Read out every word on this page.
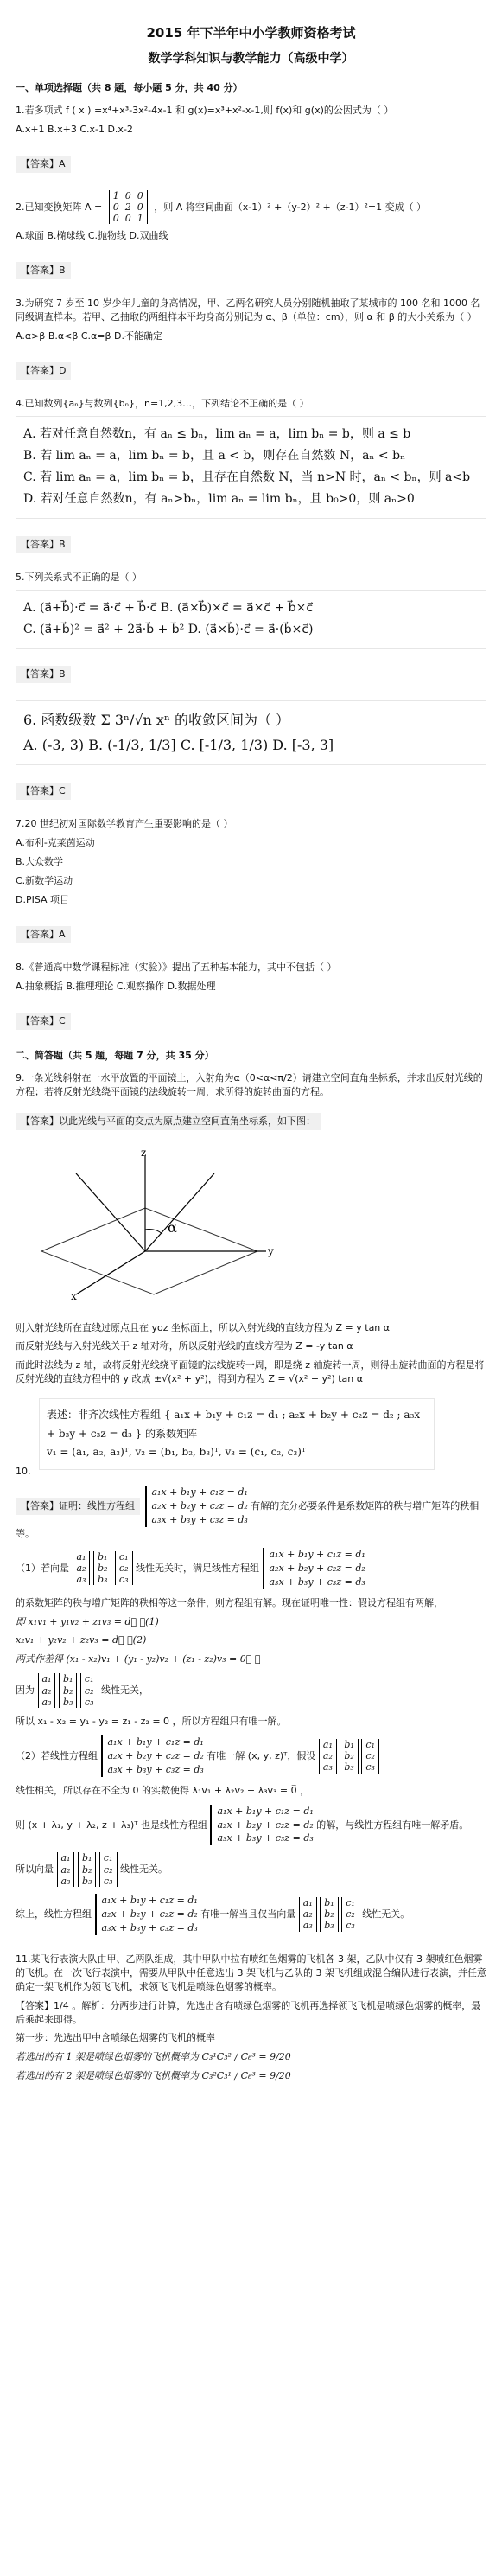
2015 年下半年中小学教师资格考试
数学学科知识与教学能力（高级中学）
一、单项选择题（共 8 题，每小题 5 分，共 40 分）
1.若多项式 f ( x ) =x⁴+x³-3x²-4x-1 和 g(x)=x³+x²-x-1,则 f(x)和 g(x)的公因式为（ ）
A.x+1 B.x+3 C.x-1 D.x-2
【答案】A
2.已知变换矩阵 A =
1 0 0
0 2 0
0 0 1
，则 A 将空间曲面（x-1）² +（y-2）² +（z-1）²=1 变成（ ）
A.球面 B.椭球线 C.抛物线 D.双曲线
【答案】B
3.为研究 7 岁至 10 岁少年儿童的身高情况，甲、乙两名研究人员分别随机抽取了某城市的 100 名和 1000 名同级调查样本。若甲、乙抽取的两组样本平均身高分别记为 α、β（单位：cm），则 α 和 β 的大小关系为（ ）
A.α>β B.α<β C.α=β D.不能确定
【答案】D
4.已知数列{aₙ}与数列{bₙ}，n=1,2,3…，下列结论不正确的是（ ）
A. 若对任意自然数n，有 aₙ ≤ bₙ，lim aₙ = a，lim bₙ = b，则 a ≤ b
B. 若 lim aₙ = a，lim bₙ = b，且 a < b，则存在自然数 N，aₙ < bₙ
C. 若 lim aₙ = a，lim bₙ = b，且存在自然数 N，当 n>N 时，aₙ < bₙ，则 a<b
D. 若对任意自然数n，有 aₙ>bₙ，lim aₙ = lim bₙ，且 b₀>0，则 aₙ>0
【答案】B
5.下列关系式不正确的是（ ）
A. (a⃗+b⃗)·c⃗ = a⃗·c⃗ + b⃗·c⃗ B. (a⃗×b⃗)×c⃗ = a⃗×c⃗ + b⃗×c⃗
C. (a⃗+b⃗)² = a⃗² + 2a⃗·b⃗ + b⃗² D. (a⃗×b⃗)·c⃗ = a⃗·(b⃗×c⃗)
【答案】B
6. 函数级数 Σ 3ⁿ/√n xⁿ 的收敛区间为（ ）
A. (-3, 3) B. (-1/3, 1/3] C. [-1/3, 1/3) D. [-3, 3]
【答案】C
7.20 世纪初对国际数学教育产生重要影响的是（ ）
A.布利-克莱茵运动
B.大众数学
C.新数学运动
D.PISA 项目
【答案】A
8.《普通高中数学课程标准（实验）》提出了五种基本能力，其中不包括（ ）
A.抽象概括 B.推理理论 C.观察操作 D.数据处理
【答案】C
二、简答题（共 5 题，每题 7 分，共 35 分）
9.一条光线斜射在一水平放置的平面镜上，入射角为α（0<α<π/2）请建立空间直角坐标系，并求出反射光线的方程；若将反射光线绕平面镜的法线旋转一周，求所得的旋转曲面的方程。
【答案】以此光线与平面的交点为原点建立空间直角坐标系，如下图：
z
y
x
α
则入射光线所在直线过原点且在 yoz 坐标面上，所以入射光线的直线方程为 Z = y tan α
而反射光线与入射光线关于 z 轴对称，所以反射光线的直线方程为 Z = -y tan α
而此时法线为 z 轴，故将反射光线绕平面镜的法线旋转一周，即是绕 z 轴旋转一周，则得出旋转曲面的方程是将反射光线的直线方程中的 y 改成 ±√(x² + y²)，得到方程为 Z = √(x² + y²) tan α
10.
表述：非齐次线性方程组 { a₁x + b₁y + c₁z = d₁ ; a₂x + b₂y + c₂z = d₂ ; a₃x + b₃y + c₃z = d₃ } 的系数矩阵
v₁ = (a₁, a₂, a₃)ᵀ, v₂ = (b₁, b₂, b₃)ᵀ, v₃ = (c₁, c₂, c₃)ᵀ
【答案】证明：线性方程组
a₁x + b₁y + c₁z = d₁
a₂x + b₂y + c₂z = d₂
a₃x + b₃y + c₃z = d₃
有解的充分必要条件是系数矩阵的秩与增广矩阵的秩相等。
（1）若向量
a₁
a₂
a₃

b₁
b₂
b₃

c₁
c₂
c₃
线性无关时，满足线性方程组
a₁x + b₁y + c₁z = d₁
a₂x + b₂y + c₂z = d₂
a₃x + b₃y + c₃z = d₃
的系数矩阵的秩与增广矩阵的秩相等这一条件，则方程组有解。现在证明唯一性：假设方程组有两解，
即 x₁v₁ + y₁v₂ + z₁v₃ = d⃗ ，(1)
x₂v₁ + y₂v₂ + z₂v₃ = d⃗ ，(2)
两式作差得 (x₁ - x₂)v₁ + (y₁ - y₂)v₂ + (z₁ - z₂)v₃ = 0⃗ ，
因为
a₁
a₂
a₃

b₁
b₂
b₃

c₁
c₂
c₃
线性无关，
所以 x₁ - x₂ = y₁ - y₂ = z₁ - z₂ = 0 ，所以方程组只有唯一解。
（2）若线性方程组
a₁x + b₁y + c₁z = d₁
a₂x + b₂y + c₂z = d₂
a₃x + b₃y + c₃z = d₃
有唯一解 (x, y, z)ᵀ，假设
a₁
a₂
a₃

b₁
b₂
b₃

c₁
c₂
c₃
线性相关，所以存在不全为 0 的实数使得 λ₁v₁ + λ₂v₂ + λ₃v₃ = 0⃗ ，
则 (x + λ₁, y + λ₂, z + λ₃)ᵀ 也是线性方程组
a₁x + b₁y + c₁z = d₁
a₂x + b₂y + c₂z = d₂
a₃x + b₃y + c₃z = d₃
的解，与线性方程组有唯一解矛盾。
所以向量
a₁
a₂
a₃

b₁
b₂
b₃

c₁
c₂
c₃
线性无关。
综上，线性方程组
a₁x + b₁y + c₁z = d₁
a₂x + b₂y + c₂z = d₂
a₃x + b₃y + c₃z = d₃
有唯一解当且仅当向量
a₁
a₂
a₃

b₁
b₂
b₃

c₁
c₂
c₃
线性无关。
11.某飞行表演大队由甲、乙两队组成，其中甲队中拉有喷红色烟雾的飞机各 3 架，乙队中仅有 3 架喷红色烟雾的飞机。在一次飞行表演中，需要从甲队中任意选出 3 架飞机与乙队的 3 架飞机组成混合编队进行表演，并任意确定一架飞机作为领飞飞机，求领飞飞机是喷绿色烟雾的概率。
【答案】1/4 。解析：分两步进行计算，先选出含有喷绿色烟雾的飞机再选择领飞飞机是喷绿色烟雾的概率，最后乘起来即得。
第一步：先选出甲中含喷绿色烟雾的飞机的概率
若选出的有 1 架是喷绿色烟雾的飞机概率为 C₃¹C₃² / C₆³ = 9/20
若选出的有 2 架是喷绿色烟雾的飞机概率为 C₃²C₃¹ / C₆³ = 9/20
